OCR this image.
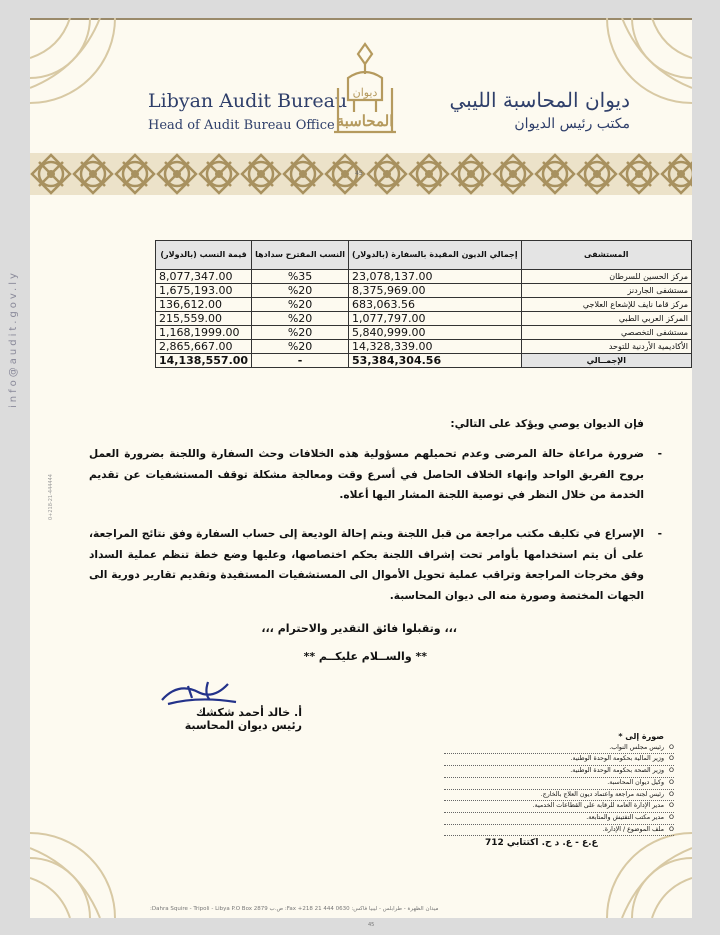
Libyan Audit Bureau
Head of Audit Bureau Office
ديوان المحاسبة الليبي
مكتب رئيس الديوان
ديوان
المحاسبة
45
المستشفى	إجمالي الديون المقيدة بالسفارة (بالدولار)	النسب المقترح سدادها	قيمة النسب (بالدولار)
مركز الحسين للسرطان	23,078,137.00	%35	8,077,347.00
مستشفى الجاردنز	8,375,969.00	%20	1,675,193.00
مركز قاما نايف للإشعاع العلاجي	683,063.56	%20	136,612.00
المركز العربي الطبي	1,077,797.00	%20	215,559.00
مستشفى التخصصي	5,840,999.00	%20	1,168,1999.00
الأكاديمية الأردنية للتوحد	14,328,339.00	%20	2,865,667.00
الإجمــالي	53,384,304.56	-	14,138,557.00
فإن الديوان يوصي ويؤكد على التالي:
-
ضرورة مراعاة حالة المرضى وعدم تحميلهم مسؤولية هذه الخلافات وحث السفارة واللجنة بضرورة العمل بروح الفريق الواحد وإنهاء الخلاف الحاصل في أسرع وقت ومعالجة مشكلة توقف المستشفيات عن تقديم الخدمة من خلال النظر في توصية اللجنة المشار اليها أعلاه.
-
الإسراع في تكليف مكتب مراجعة من قبل اللجنة ويتم إحالة الوديعة إلى حساب السفارة وفق نتائج المراجعة، على أن يتم استخدامها بأوامر تحت إشراف اللجنة بحكم اختصاصها، وعليها وضع خطة تنظم عملية السداد وفق مخرجات المراجعة وتراقب عملية تحويل الأموال الى المستشفيات المستفيدة وتقديم تقارير دورية الى الجهات المختصة وصورة منه الى ديوان المحاسبة.
،،، وتقبلوا فائق التقدير والاحترام ،،،
** والســلام عليكــم **
أ. خالد أحمد شكشك
رئيس ديوان المحاسبة
صورة إلى *
O
رئيس مجلس النواب.
O
وزير المالية بحكومة الوحدة الوطنية.
O
وزير الصحة بحكومة الوحدة الوطنية.
O
وكيل ديوان المحاسبة.
O
رئيس لجنة مراجعة واعتماد ديون العلاج بالخارج.
O
مدير الإدارة العامة للرقابة على القطاعات الخدمية.
O
مدير مكتب التفتيش والمتابعة.
O
ملف الموضوع / الإدارة.
ع.ع - ع. د ح. اكتتابي 712
ميدان الظهرة - طرابلس - ليبيا فاكس: 0630 444 21 218+ Fax: ص.ب 2879 Dahra Squire - Tripoli - Libya P.O Box:
45
info@audit.gov.ly
0+218-21-444444
